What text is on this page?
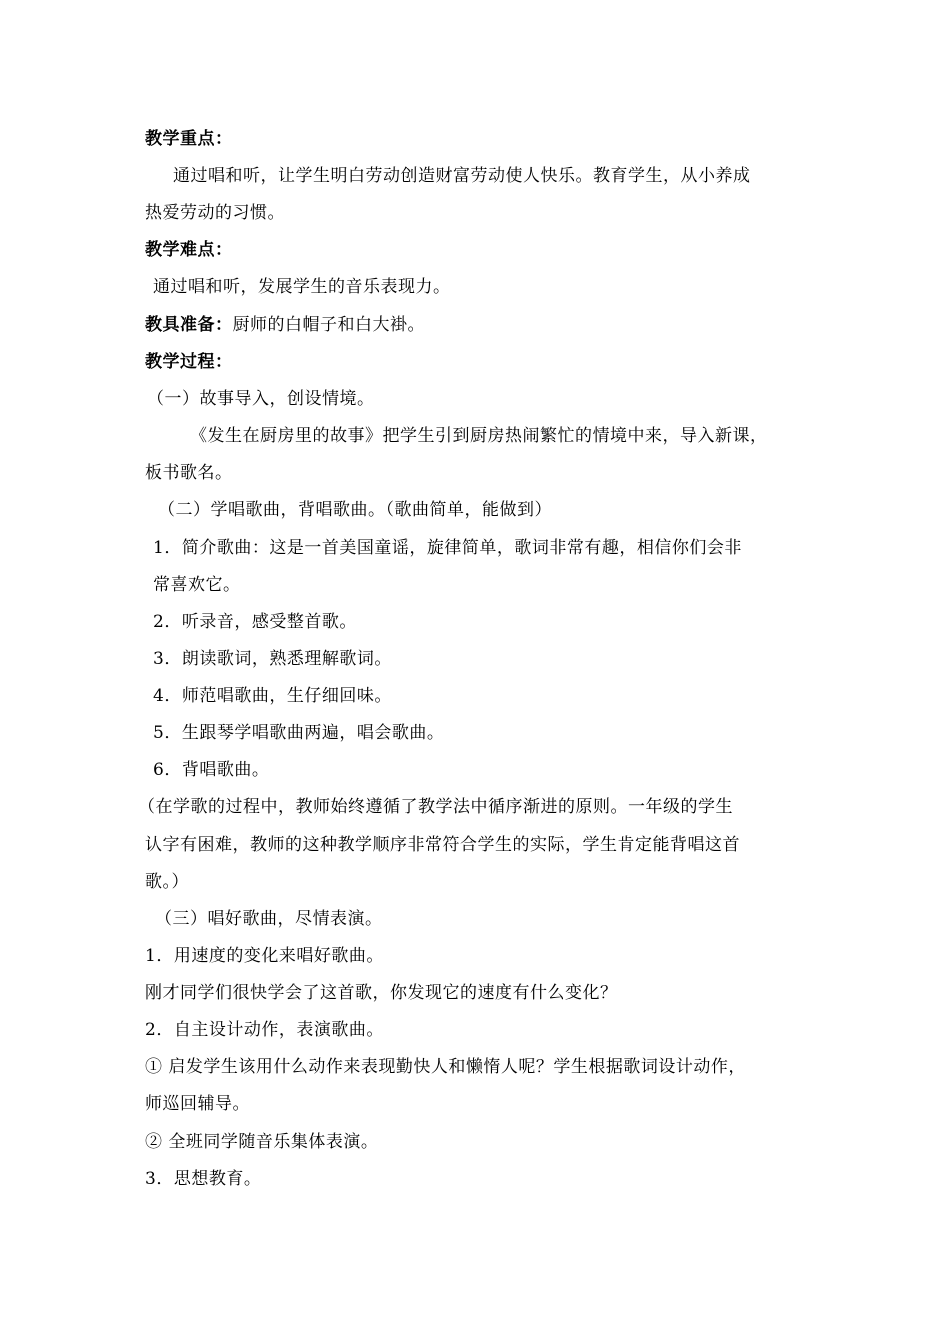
教学重点：
通过唱和听，让学生明白劳动创造财富劳动使人快乐。教育学生，从小养成
热爱劳动的习惯。
教学难点：
通过唱和听，发展学生的音乐表现力。
教具准备：厨师的白帽子和白大褂。
教学过程：
（一）故事导入，创设情境。
《发生在厨房里的故事》把学生引到厨房热闹繁忙的情境中来，导入新课，
板书歌名。
（二）学唱歌曲，背唱歌曲。（歌曲简单，能做到）
1．简介歌曲：这是一首美国童谣，旋律简单，歌词非常有趣，相信你们会非
常喜欢它。
2．听录音，感受整首歌。
3．朗读歌词，熟悉理解歌词。
4．师范唱歌曲，生仔细回味。
5．生跟琴学唱歌曲两遍，唱会歌曲。
6．背唱歌曲。
（在学歌的过程中，教师始终遵循了教学法中循序渐进的原则。一年级的学生
认字有困难，教师的这种教学顺序非常符合学生的实际，学生肯定能背唱这首
歌。）
（三）唱好歌曲，尽情表演。
1．用速度的变化来唱好歌曲。
刚才同学们很快学会了这首歌，你发现它的速度有什么变化？
2．自主设计动作，表演歌曲。
① 启发学生该用什么动作来表现勤快人和懒惰人呢？学生根据歌词设计动作，
师巡回辅导。
② 全班同学随音乐集体表演。
3．思想教育。
